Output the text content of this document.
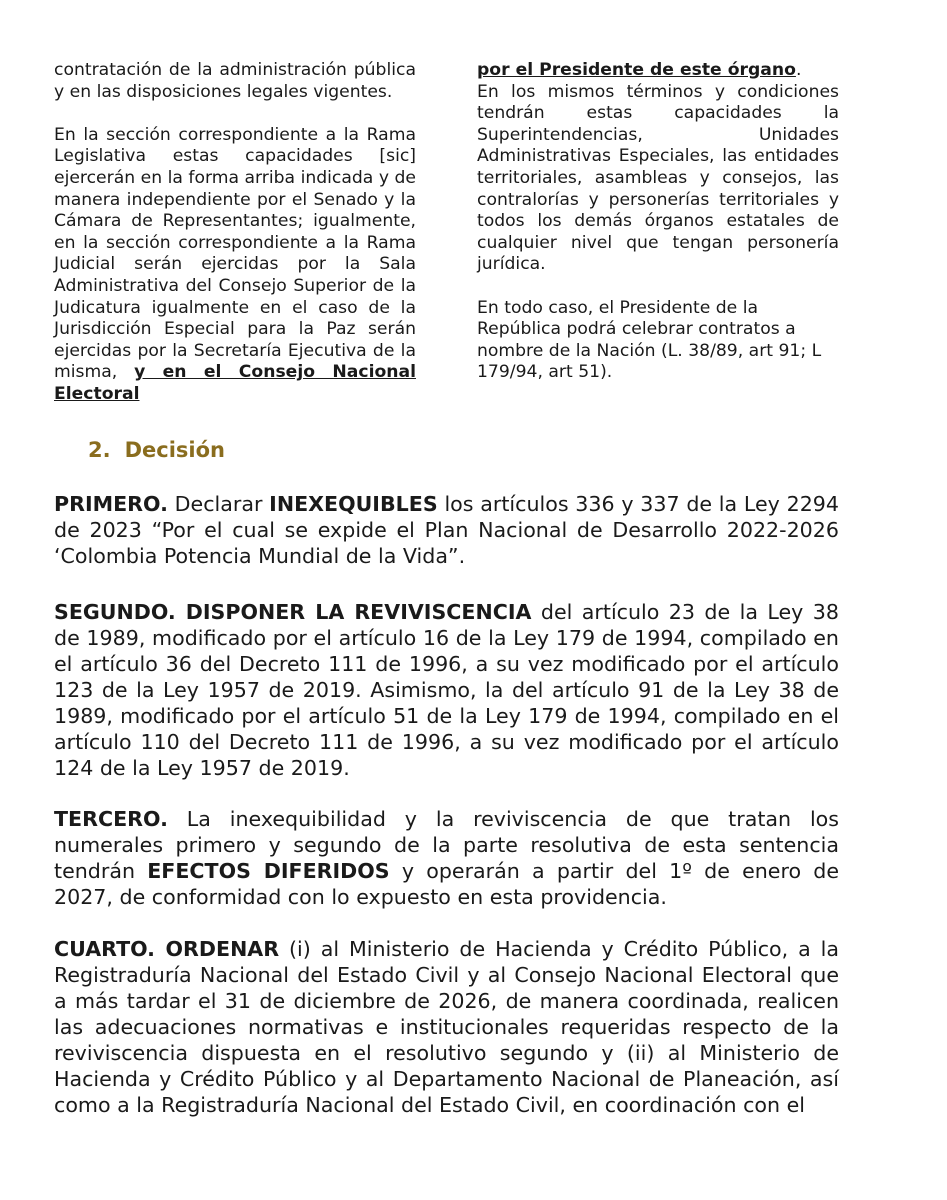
contratación de la administración pública y en las disposiciones legales vigentes.

En la sección correspondiente a la Rama Legislativa estas capacidades [sic] ejercerán en la forma arriba indicada y de manera independiente por el Senado y la Cámara de Representantes; igualmente, en la sección correspondiente a la Rama Judicial serán ejercidas por la Sala Administrativa del Consejo Superior de la Judicatura igualmente en el caso de la Jurisdicción Especial para la Paz serán ejercidas por la Secretaría Ejecutiva de la misma, y en el Consejo Nacional Electoral

por el Presidente de este órgano.

En los mismos términos y condiciones tendrán estas capacidades la Superintendencias, Unidades Administrativas Especiales, las entidades territoriales, asambleas y consejos, las contralorías y personerías territoriales y todos los demás órganos estatales de cualquier nivel que tengan personería jurídica.

En todo caso, el Presidente de la República podrá celebrar contratos a nombre de la Nación (L. 38/89, art 91; L 179/94, art 51).

2. Decisión

PRIMERO. Declarar INEXEQUIBLES los artículos 336 y 337 de la Ley 2294 de 2023 “Por el cual se expide el Plan Nacional de Desarrollo 2022-2026 ‘Colombia Potencia Mundial de la Vida”.

SEGUNDO. DISPONER LA REVIVISCENCIA del artículo 23 de la Ley 38 de 1989, modificado por el artículo 16 de la Ley 179 de 1994, compilado en el artículo 36 del Decreto 111 de 1996, a su vez modificado por el artículo 123 de la Ley 1957 de 2019. Asimismo, la del artículo 91 de la Ley 38 de 1989, modificado por el artículo 51 de la Ley 179 de 1994, compilado en el artículo 110 del Decreto 111 de 1996, a su vez modificado por el artículo 124 de la Ley 1957 de 2019.

TERCERO. La inexequibilidad y la reviviscencia de que tratan los numerales primero y segundo de la parte resolutiva de esta sentencia tendrán EFECTOS DIFERIDOS y operarán a partir del 1º de enero de 2027, de conformidad con lo expuesto en esta providencia.

CUARTO. ORDENAR (i) al Ministerio de Hacienda y Crédito Público, a la Registraduría Nacional del Estado Civil y al Consejo Nacional Electoral que a más tardar el 31 de diciembre de 2026, de manera coordinada, realicen las adecuaciones normativas e institucionales requeridas respecto de la reviviscencia dispuesta en el resolutivo segundo y (ii) al Ministerio de Hacienda y Crédito Público y al Departamento Nacional de Planeación, así como a la Registraduría Nacional del Estado Civil, en coordinación con el
